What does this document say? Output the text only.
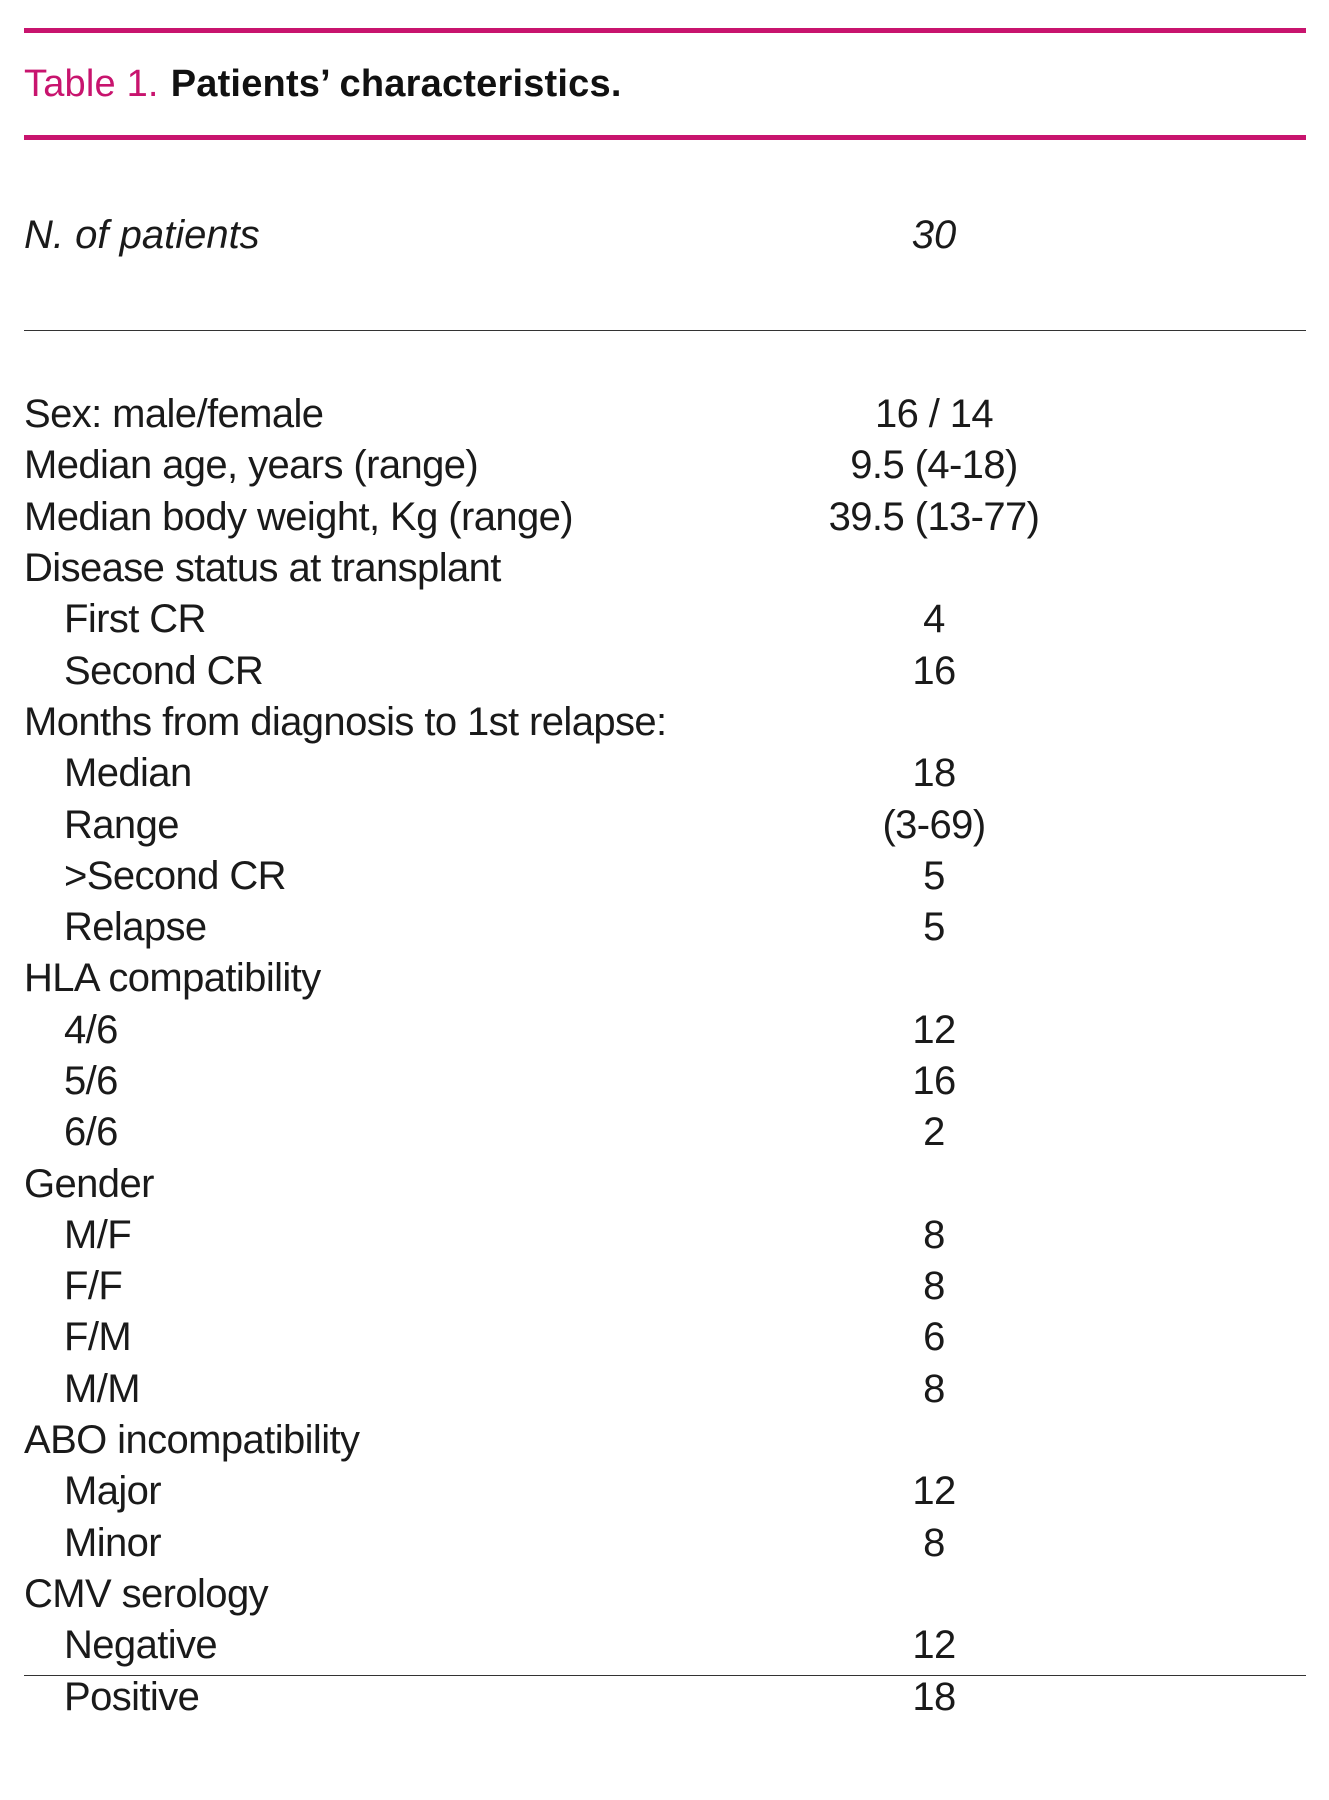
Table 1. Patients’ characteristics.
N. of patients	30
Sex: male/female	16 / 14
Median age, years (range)	9.5 (4-18)
Median body weight, Kg (range)	39.5 (13-77)
Disease status at transplant
First CR	4
Second CR	16
Months from diagnosis to 1st relapse:
Median	18
Range	(3-69)
>Second CR	5
Relapse	5
HLA compatibility
4/6	12
5/6	16
6/6	2
Gender
M/F	8
F/F	8
F/M	6
M/M	8
ABO incompatibility
Major	12
Minor	8
CMV serology
Negative	12
Positive	18
